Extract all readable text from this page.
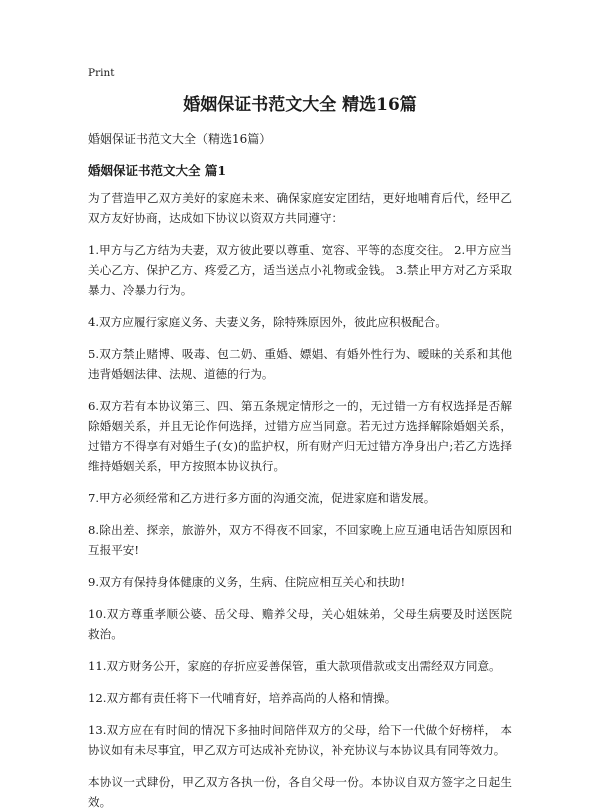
Print
婚姻保证书范文大全 精选16篇
婚姻保证书范文大全（精选16篇）
婚姻保证书范文大全 篇1

为了营造甲乙双方美好的家庭未来、确保家庭安定团结，更好地哺育后代，经甲乙双方友好协商，达成如下协议以资双方共同遵守：

1.甲方与乙方结为夫妻，双方彼此要以尊重、宽容、平等的态度交往。 2.甲方应当关心乙方、保护乙方、疼爱乙方，适当送点小礼物或金钱。 3.禁止甲方对乙方采取暴力、冷暴力行为。

4.双方应履行家庭义务、夫妻义务，除特殊原因外，彼此应积极配合。

5.双方禁止赌博、吸毒、包二奶、重婚、嫖娼、有婚外性行为、暧昧的关系和其他违背婚姻法律、法规、道德的行为。

6.双方若有本协议第三、四、第五条规定情形之一的，无过错一方有权选择是否解除婚姻关系，并且无论作何选择，过错方应当同意。若无过方选择解除婚姻关系，过错方不得享有对婚生子(女)的监护权，所有财产归无过错方净身出户;若乙方选择维持婚姻关系，甲方按照本协议执行。

7.甲方必须经常和乙方进行多方面的沟通交流，促进家庭和谐发展。

8.除出差、探亲，旅游外，双方不得夜不回家，不回家晚上应互通电话告知原因和互报平安!

9.双方有保持身体健康的义务，生病、住院应相互关心和扶助!

10.双方尊重孝顺公婆、岳父母、赡养父母，关心姐妹弟，父母生病要及时送医院救治。

11.双方财务公开，家庭的存折应妥善保管，重大款项借款或支出需经双方同意。

12.双方都有责任将下一代哺育好，培养高尚的人格和情操。

13.双方应在有时间的情况下多抽时间陪伴双方的父母，给下一代做个好榜样， 本协议如有未尽事宜，甲乙双方可达成补充协议，补充协议与本协议具有同等效力。

本协议一式肆份，甲乙双方各执一份，各自父母一份。本协议自双方签字之日起生效。
